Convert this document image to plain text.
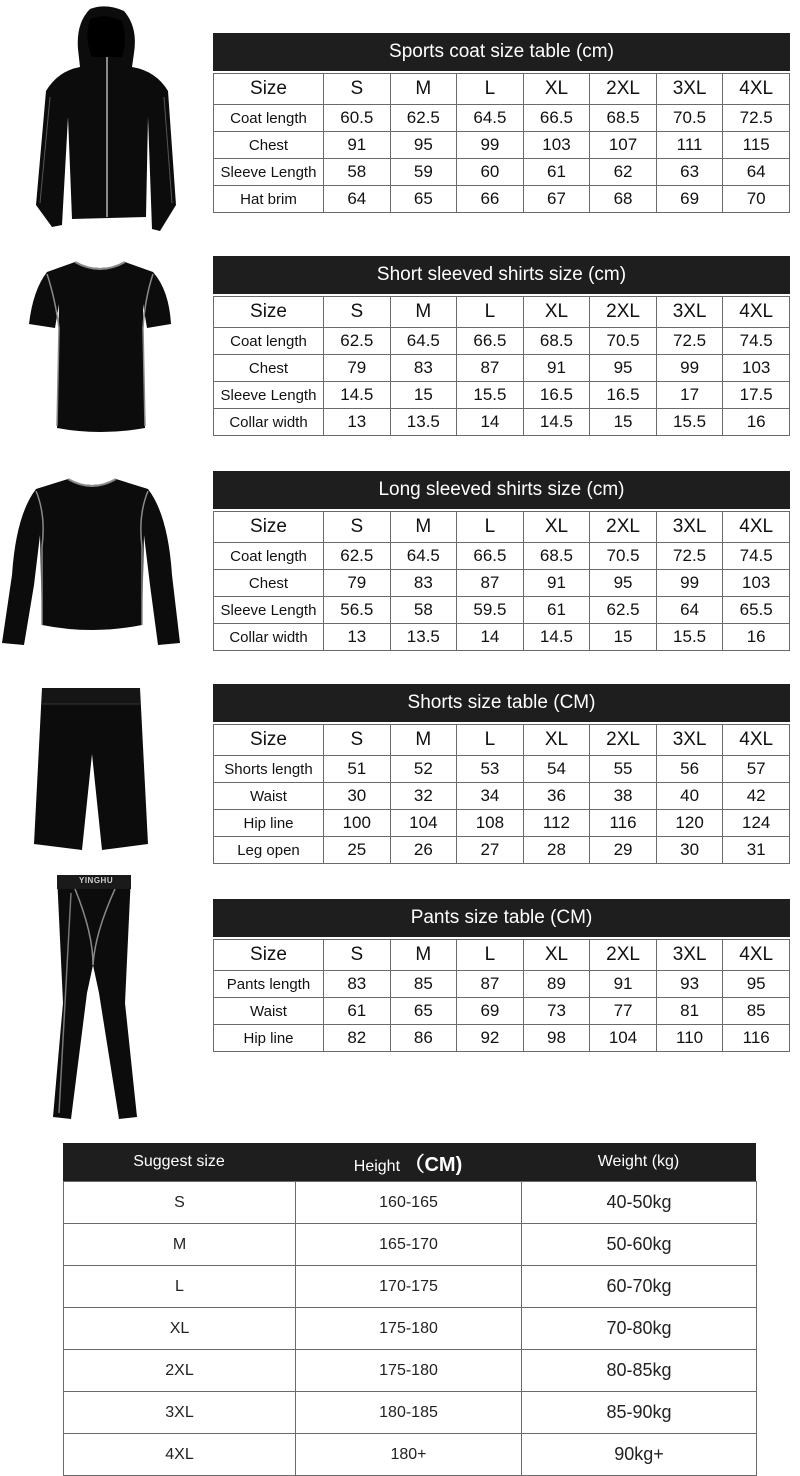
YINGHU
Sports coat size table (cm)
Size	S	M	L	XL	2XL	3XL	4XL
Coat length	60.5	62.5	64.5	66.5	68.5	70.5	72.5
Chest	91	95	99	103	107	111	115
Sleeve Length	58	59	60	61	62	63	64
Hat brim	64	65	66	67	68	69	70
Short sleeved shirts size (cm)
Size	S	M	L	XL	2XL	3XL	4XL
Coat length	62.5	64.5	66.5	68.5	70.5	72.5	74.5
Chest	79	83	87	91	95	99	103
Sleeve Length	14.5	15	15.5	16.5	16.5	17	17.5
Collar width	13	13.5	14	14.5	15	15.5	16
Long sleeved shirts size (cm)
Size	S	M	L	XL	2XL	3XL	4XL
Coat length	62.5	64.5	66.5	68.5	70.5	72.5	74.5
Chest	79	83	87	91	95	99	103
Sleeve Length	56.5	58	59.5	61	62.5	64	65.5
Collar width	13	13.5	14	14.5	15	15.5	16
Shorts size table (CM)
Size	S	M	L	XL	2XL	3XL	4XL
Shorts length	51	52	53	54	55	56	57
Waist	30	32	34	36	38	40	42
Hip line	100	104	108	112	116	120	124
Leg open	25	26	27	28	29	30	31
Pants size table (CM)
Size	S	M	L	XL	2XL	3XL	4XL
Pants length	83	85	87	89	91	93	95
Waist	61	65	69	73	77	81	85
Hip line	82	86	92	98	104	110	116
Suggest size	Height （CM)	Weight (kg)
S	160-165	40-50kg
M	165-170	50-60kg
L	170-175	60-70kg
XL	175-180	70-80kg
2XL	175-180	80-85kg
3XL	180-185	85-90kg
4XL	180+	90kg+
